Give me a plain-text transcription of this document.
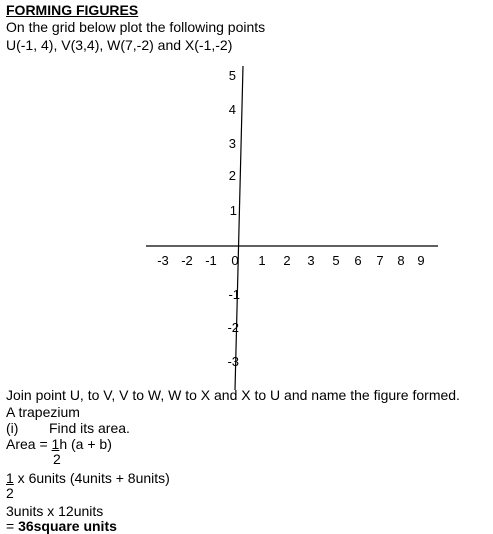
FORMING FIGURES
On the grid below plot the following points
U(-1, 4), V(3,4), W(7,-2) and X(-1,-2)
-3 -2 -1 0 1 2 3 5 6 7 8 9
5
4
3
2
1
-1
-2
-3
Join point U, to V, V to W, W to X and X to U and name the figure formed.
A trapezium
(i) Find its area.
Area = 1h (a + b)
2
1 x 6units (4units + 8units)
2
3units x 12units
= 36square units
